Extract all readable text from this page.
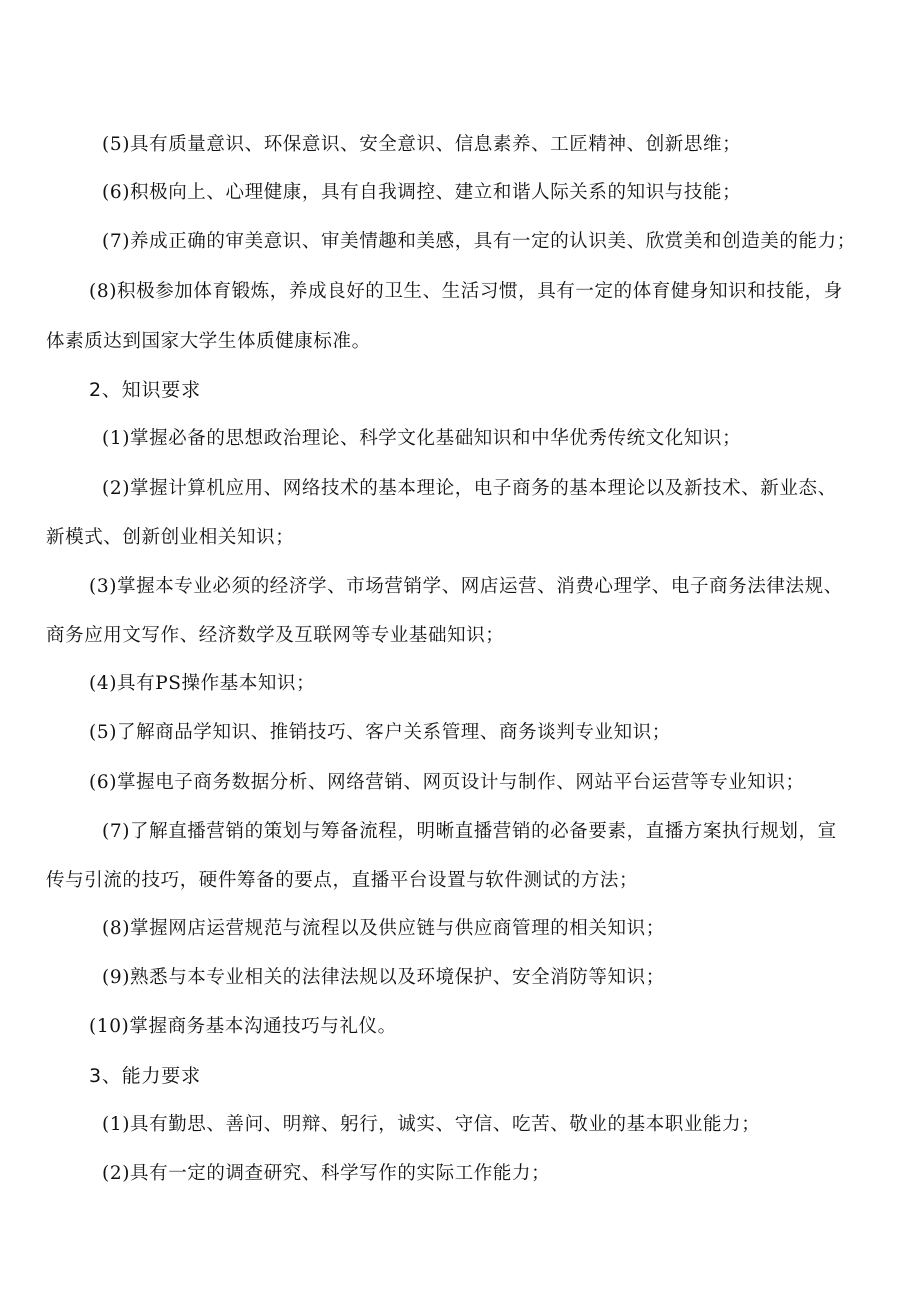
(5)具有质量意识、环保意识、安全意识、信息素养、工匠精神、创新思维；
(6)积极向上、心理健康，具有自我调控、建立和谐人际关系的知识与技能；
(7)养成正确的审美意识、审美情趣和美感，具有一定的认识美、欣赏美和创造美的能力；
(8)积极参加体育锻炼，养成良好的卫生、生活习惯，具有一定的体育健身知识和技能，身
体素质达到国家大学生体质健康标准。
2、知识要求
(1)掌握必备的思想政治理论、科学文化基础知识和中华优秀传统文化知识；
(2)掌握计算机应用、网络技术的基本理论，电子商务的基本理论以及新技术、新业态、
新模式、创新创业相关知识；
(3)掌握本专业必须的经济学、市场营销学、网店运营、消费心理学、电子商务法律法规、
商务应用文写作、经济数学及互联网等专业基础知识；
(4)具有PS操作基本知识；
(5)了解商品学知识、推销技巧、客户关系管理、商务谈判专业知识；
(6)掌握电子商务数据分析、网络营销、网页设计与制作、网站平台运营等专业知识；
(7)了解直播营销的策划与筹备流程，明晰直播营销的必备要素，直播方案执行规划，宣
传与引流的技巧，硬件筹备的要点，直播平台设置与软件测试的方法；
(8)掌握网店运营规范与流程以及供应链与供应商管理的相关知识；
(9)熟悉与本专业相关的法律法规以及环境保护、安全消防等知识；
(10)掌握商务基本沟通技巧与礼仪。
3、能力要求
(1)具有勤思、善问、明辩、躬行，诚实、守信、吃苦、敬业的基本职业能力；
(2)具有一定的调查研究、科学写作的实际工作能力；
